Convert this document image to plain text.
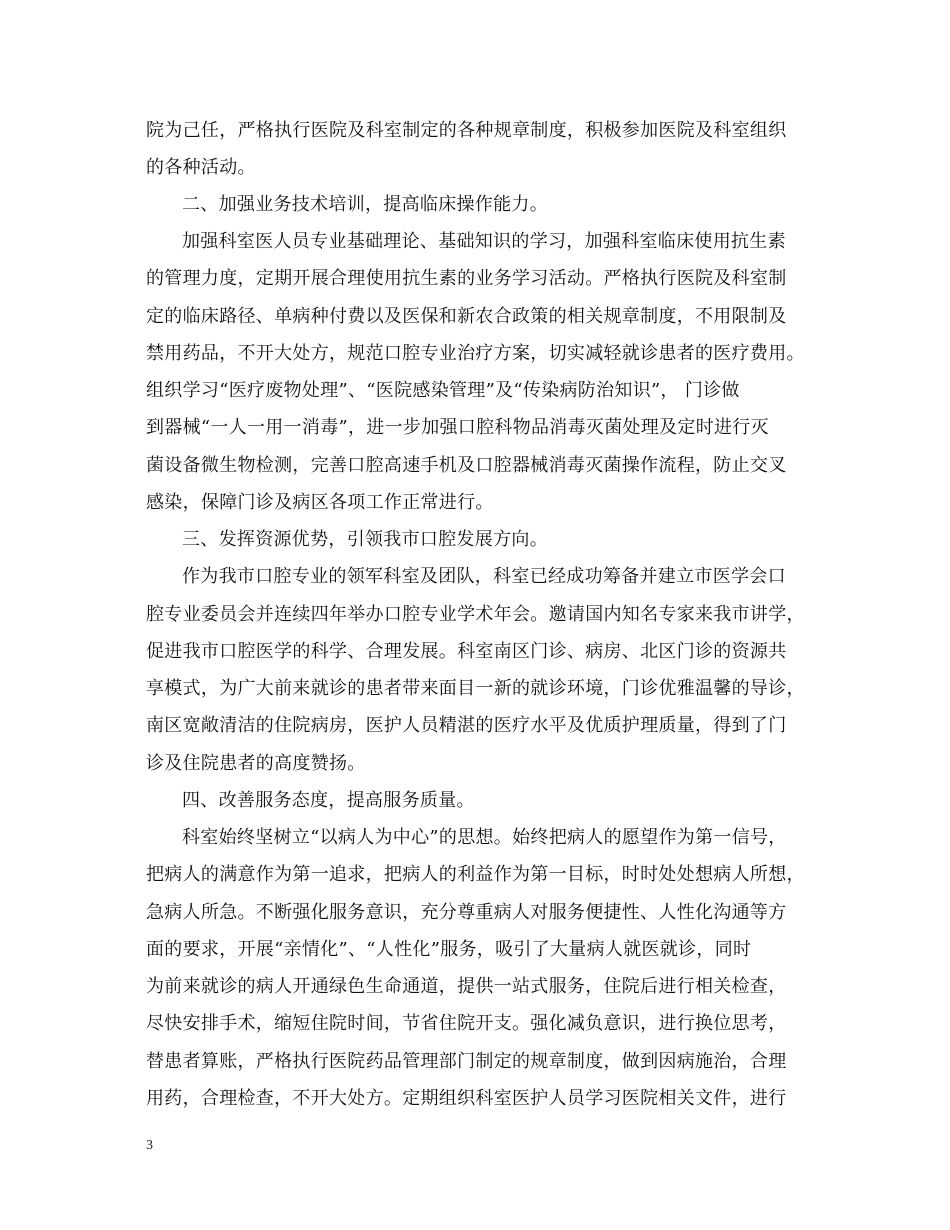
院为己任，严格执行医院及科室制定的各种规章制度，积极参加医院及科室组织
的各种活动。
二、加强业务技术培训，提高临床操作能力。
加强科室医人员专业基础理论、基础知识的学习，加强科室临床使用抗生素
的管理力度，定期开展合理使用抗生素的业务学习活动。严格执行医院及科室制
定的临床路径、单病种付费以及医保和新农合政策的相关规章制度，不用限制及
禁用药品，不开大处方，规范口腔专业治疗方案，切实减轻就诊患者的医疗费用。
组织学习“医疗废物处理”、“医院感染管理”及“传染病防治知识”， 门诊做
到器械“一人一用一消毒”，进一步加强口腔科物品消毒灭菌处理及定时进行灭
菌设备微生物检测，完善口腔高速手机及口腔器械消毒灭菌操作流程，防止交叉
感染，保障门诊及病区各项工作正常进行。
三、发挥资源优势，引领我市口腔发展方向。
作为我市口腔专业的领军科室及团队，科室已经成功筹备并建立市医学会口
腔专业委员会并连续四年举办口腔专业学术年会。邀请国内知名专家来我市讲学，
促进我市口腔医学的科学、合理发展。科室南区门诊、病房、北区门诊的资源共
享模式，为广大前来就诊的患者带来面目一新的就诊环境，门诊优雅温馨的导诊，
南区宽敞清洁的住院病房，医护人员精湛的医疗水平及优质护理质量，得到了门
诊及住院患者的高度赞扬。
四、改善服务态度，提高服务质量。
科室始终坚树立“以病人为中心”的思想。始终把病人的愿望作为第一信号，
把病人的满意作为第一追求，把病人的利益作为第一目标，时时处处想病人所想，
急病人所急。不断强化服务意识，充分尊重病人对服务便捷性、人性化沟通等方
面的要求，开展“亲情化”、“人性化”服务，吸引了大量病人就医就诊，同时
为前来就诊的病人开通绿色生命通道，提供一站式服务，住院后进行相关检查，
尽快安排手术，缩短住院时间，节省住院开支。强化减负意识，进行换位思考，
替患者算账，严格执行医院药品管理部门制定的规章制度，做到因病施治，合理
用药，合理检查，不开大处方。定期组织科室医护人员学习医院相关文件，进行
3
